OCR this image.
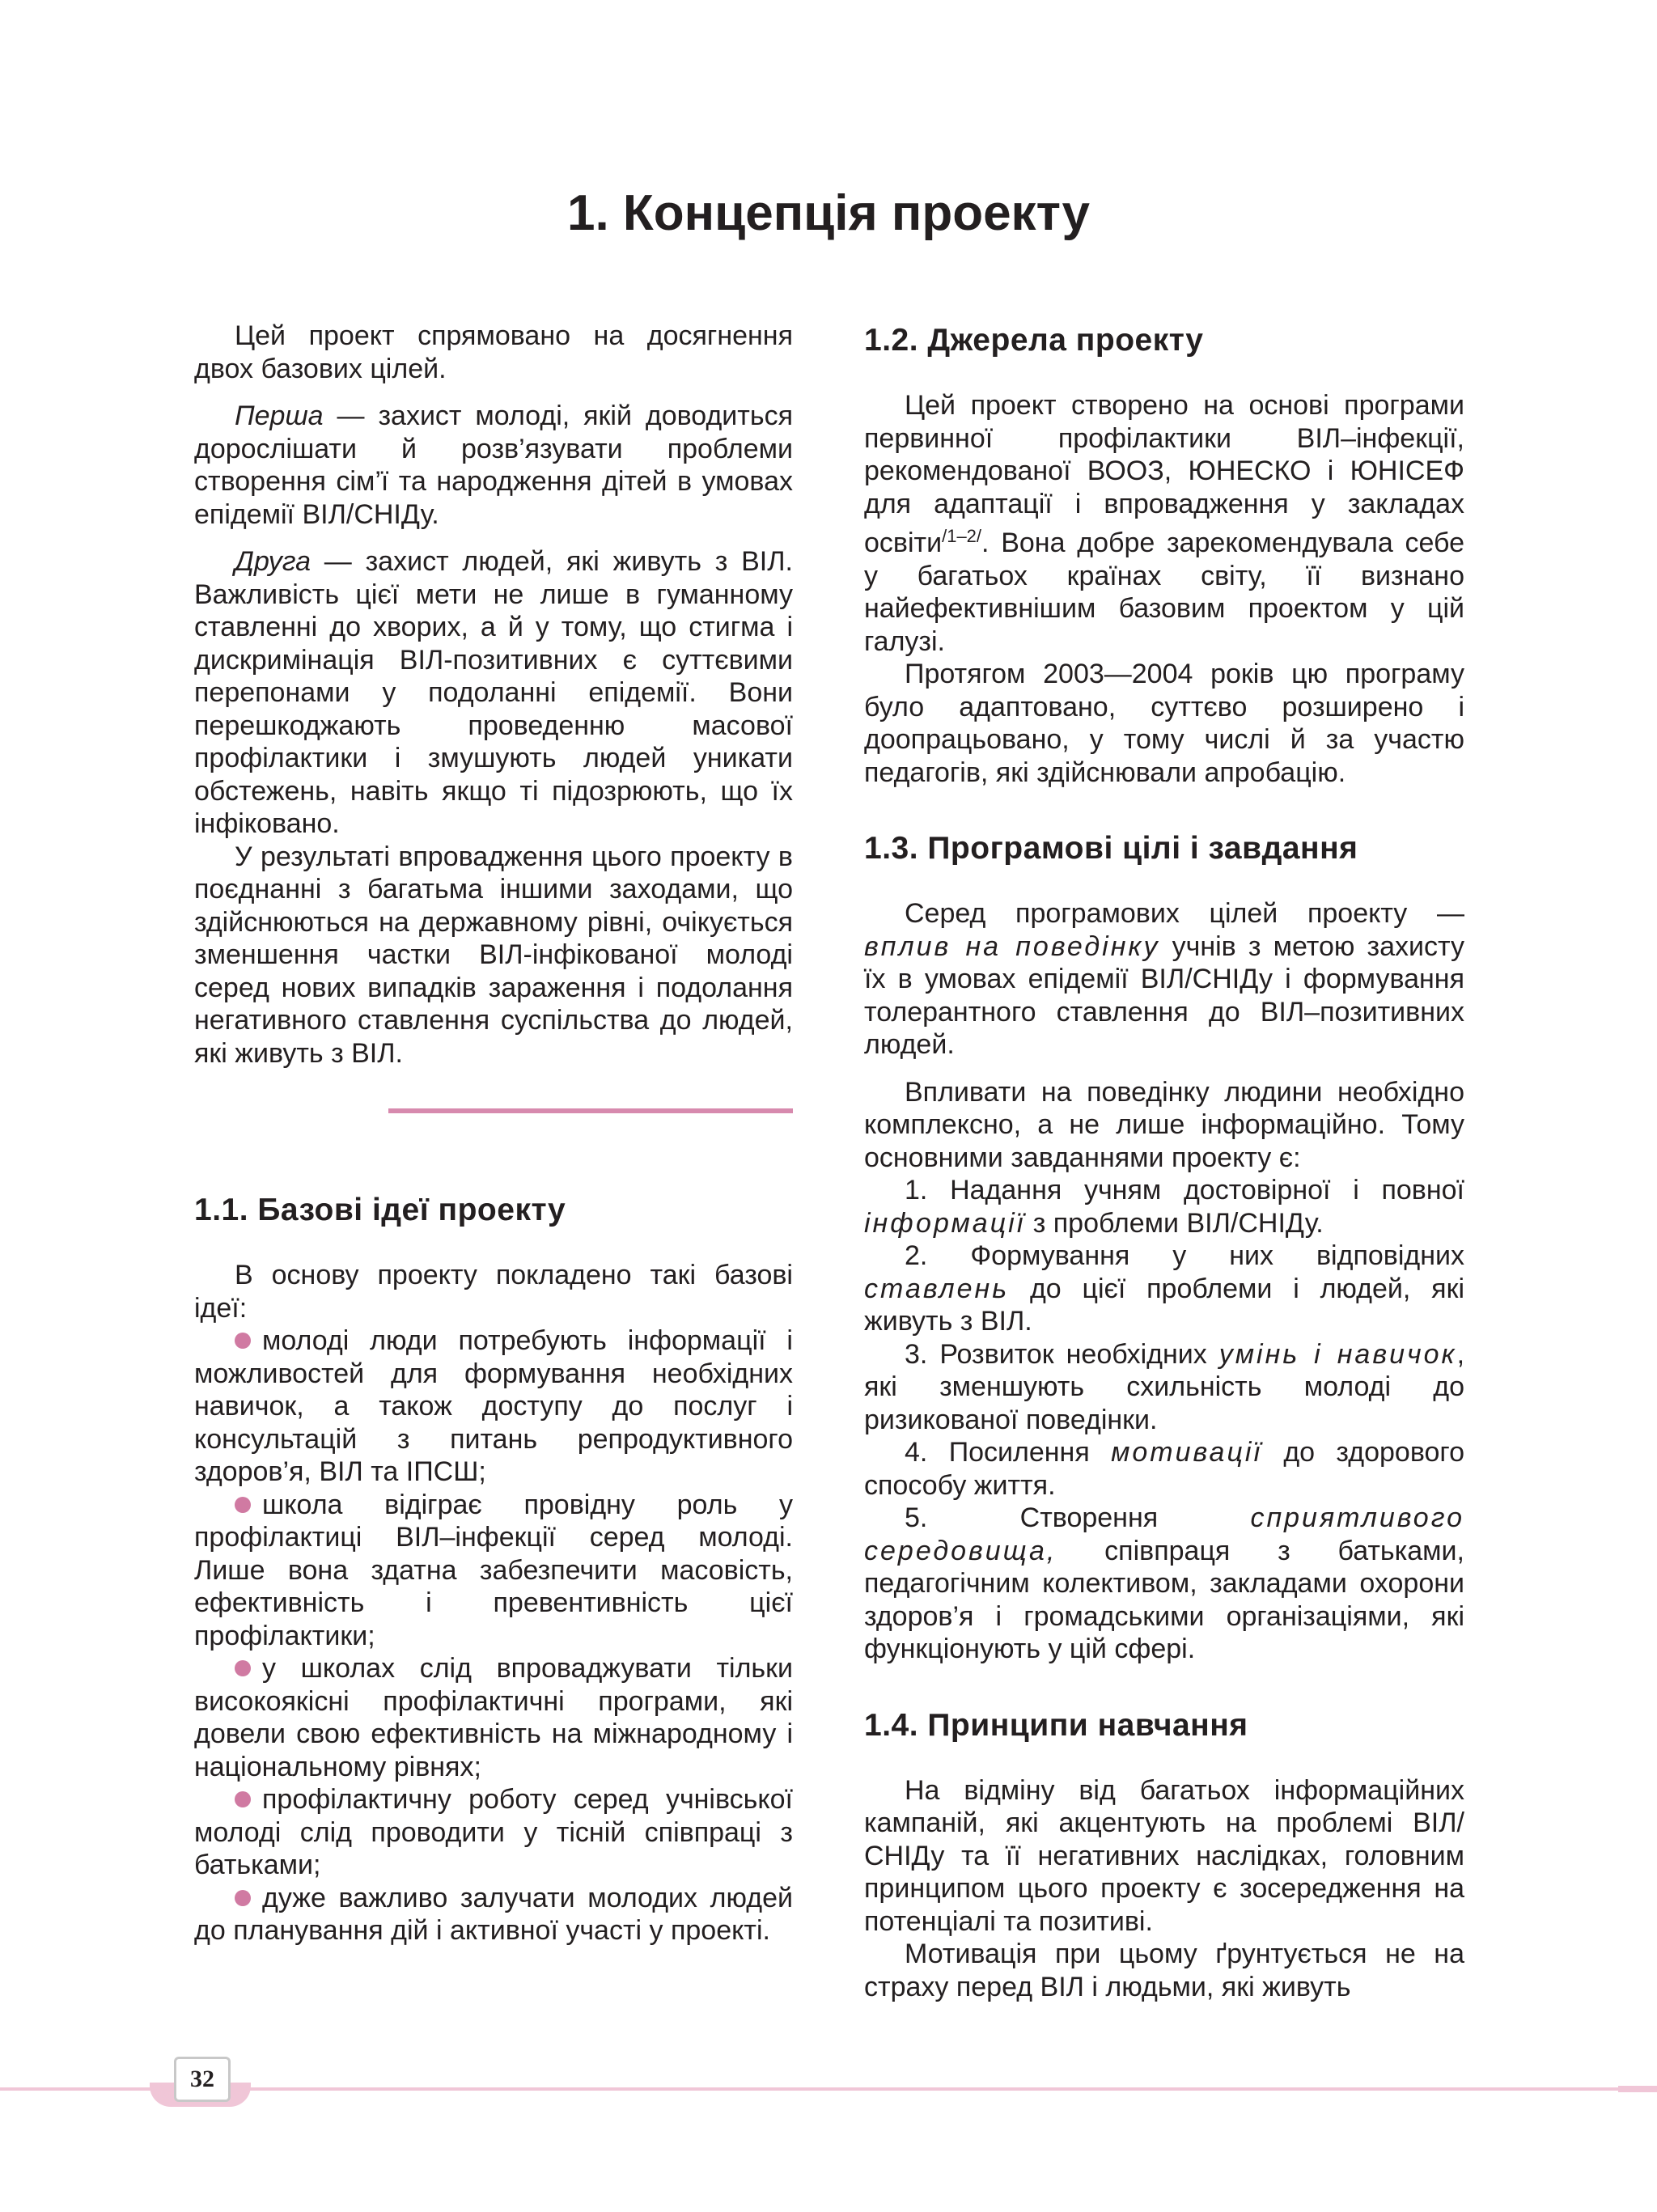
1. Концепція проекту

Цей проект спрямовано на досягнення двох базових цілей.

Перша — захист молоді, якій доводиться дорослішати й розв’язувати проблеми створення сім’ї та народження дітей в умовах епідемії ВІЛ/СНІДу.

Друга — захист людей, які живуть з ВІЛ. Важливість цієї мети не лише в гуманному ставленні до хворих, а й у тому, що стигма і дискримінація ВІЛ-позитивних є суттєвими перепонами у подоланні епідемії. Вони перешкоджають проведенню масової профілактики і змушують людей уникати обстежень, навіть якщо ті підозрюють, що їх інфіковано.

У результаті впровадження цього проекту в поєднанні з багатьма іншими заходами, що здійснюються на державному рівні, очікується зменшення частки ВІЛ-інфікованої молоді серед нових випадків зараження і подолання негативного ставлення суспільства до людей, які живуть з ВІЛ.

1.1. Базові ідеї проекту

В основу проекту покладено такі базові ідеї:

молоді люди потребують інформації і можливостей для формування необхідних навичок, а також доступу до послуг і консультацій з питань репродуктивного здоров’я, ВІЛ та ІПСШ;

школа відіграє провідну роль у профілактиці ВІЛ–інфекції серед молоді. Лише вона здатна забезпечити масовість, ефективність і превентивність цієї профілактики;

у школах слід впроваджувати тільки високоякісні профілактичні програми, які довели свою ефективність на міжнародному і національному рівнях;

профілактичну роботу серед учнівської молоді слід проводити у тісній співпраці з батьками;

дуже важливо залучати молодих людей до планування дій і активної участі у проекті.

1.2. Джерела проекту

Цей проект створено на основі програми первинної профілактики ВІЛ–інфекції, рекомендованої ВООЗ, ЮНЕСКО і ЮНІСЕФ для адаптації і впровадження у закладах освіти$^{/1-2/}$. Вона добре зарекомендувала себе у багатьох країнах світу, її визнано найефективнішим базовим проектом у цій галузі.

Протягом 2003—2004 років цю програму було адаптовано, суттєво розширено і доопрацьовано, у тому числі й за участю педагогів, які здійснювали апробацію.

1.3. Програмові цілі і завдання

Серед програмових цілей проекту — вплив на поведінку учнів з метою захисту їх в умовах епідемії ВІЛ/СНІДу і формування толерантного ставлення до ВІЛ–позитивних людей.

Впливати на поведінку людини необхідно комплексно, а не лише інформаційно. Тому основними завданнями проекту є:

1. Надання учням достовірної і повної інформації з проблеми ВІЛ/СНІДу.

2. Формування у них відповідних ставлень до цієї проблеми і людей, які живуть з ВІЛ.

3. Розвиток необхідних умінь і навичок, які зменшують схильність молоді до ризикованої поведінки.

4. Посилення мотивації до здорового способу життя.

5. Створення сприятливого середовища, співпраця з батьками, педагогічним колективом, закладами охорони здоров’я і громадськими організаціями, які функціонують у цій сфері.

1.4. Принципи навчання

На відміну від багатьох інформаційних кампаній, які акцентують на проблемі ВІЛ/СНІДу та її негативних наслідках, головним принципом цього проекту є зосередження на потенціалі та позитиві.

Мотивація при цьому ґрунтується не на страху перед ВІЛ і людьми, які живуть

32
